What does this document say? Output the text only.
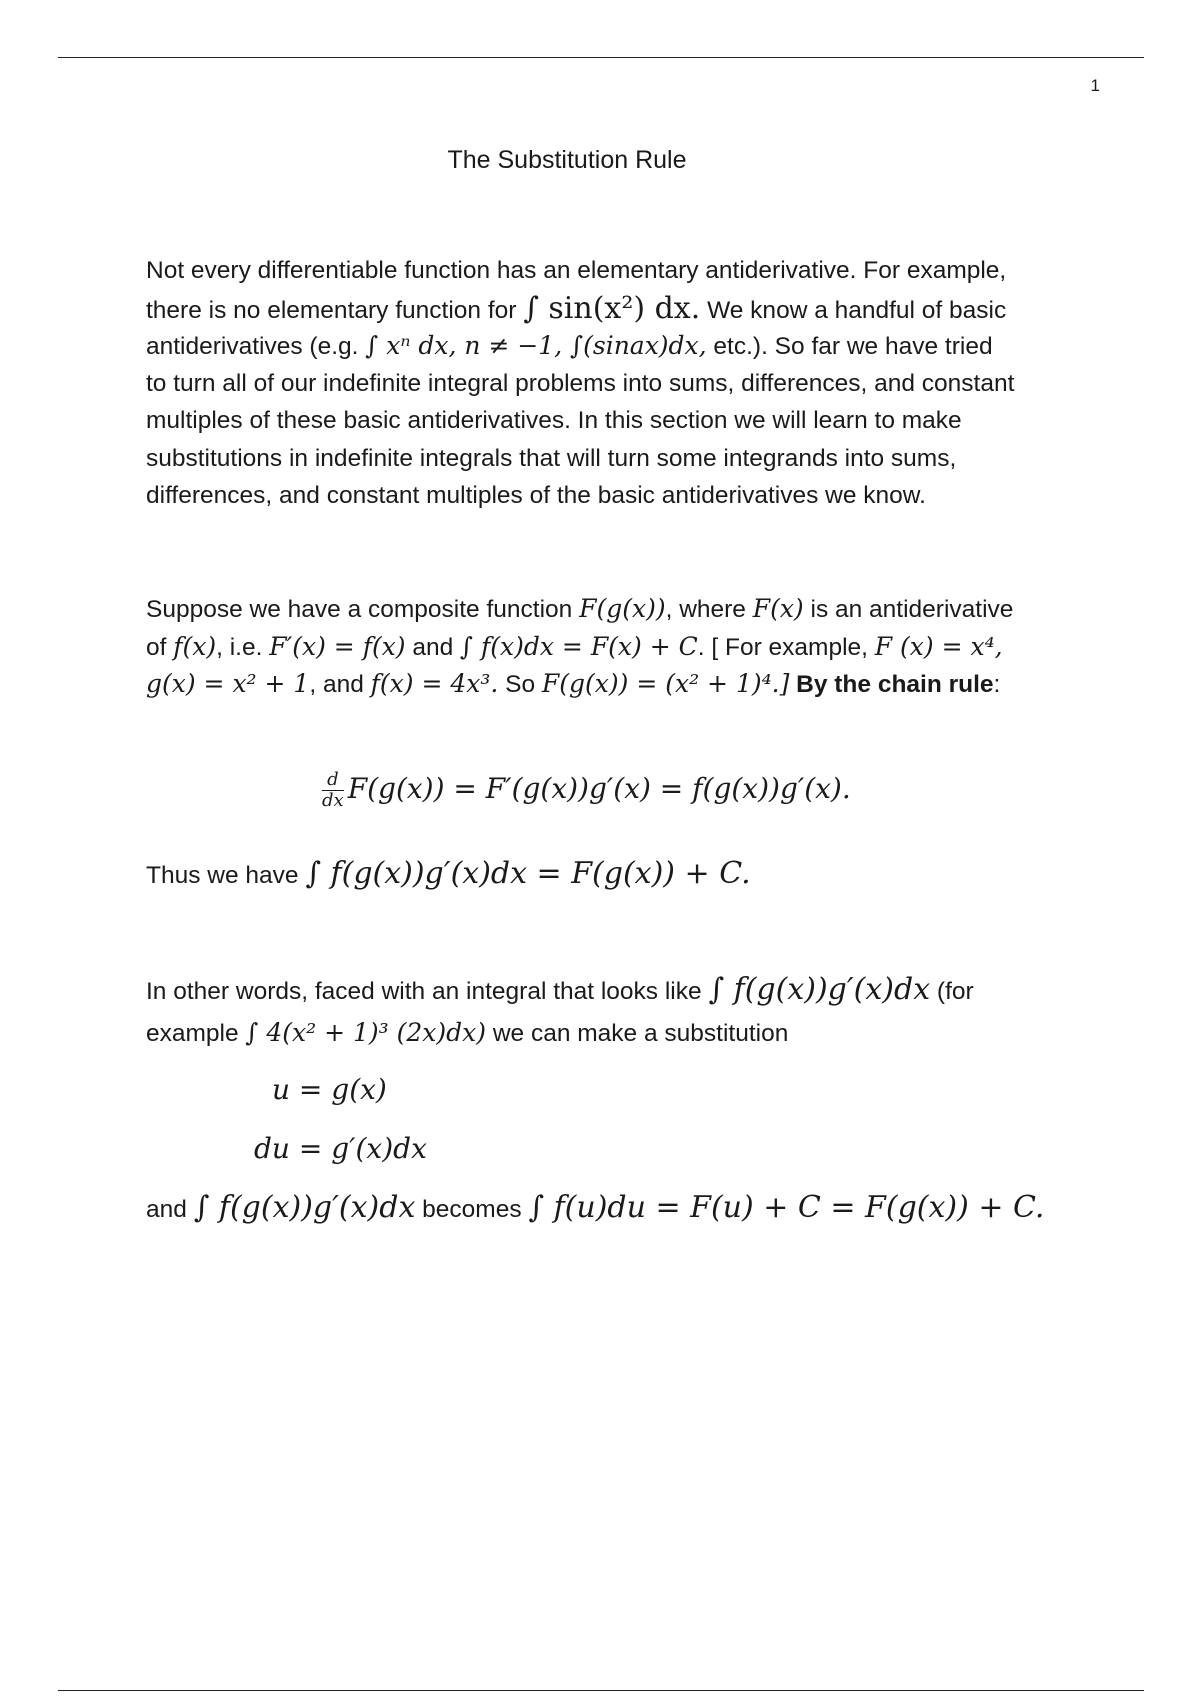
1
The Substitution Rule
Not every differentiable function has an elementary antiderivative. For example,
there is no elementary function for ∫ sin(x²) dx. We know a handful of basic
antiderivatives (e.g. ∫ xⁿ dx, n ≠ −1, ∫(sinax)dx, etc.). So far we have tried
to turn all of our indefinite integral problems into sums, differences, and constant
multiples of these basic antiderivatives. In this section we will learn to make
substitutions in indefinite integrals that will turn some integrands into sums,
differences, and constant multiples of the basic antiderivatives we know.
Suppose we have a composite function F(g(x)), where F(x) is an antiderivative
of f(x), i.e. F′(x) = f(x) and ∫ f(x)dx = F(x) + C. [ For example, F (x) = x⁴,
g(x) = x² + 1, and f(x) = 4x³. So F(g(x)) = (x² + 1)⁴.] By the chain rule:
$\frac{d}{dx} F(g(x)) = F'(g(x))g'(x) = f(g(x))g'(x)$.
Thus we have ∫ f(g(x))g′(x)dx = F(g(x)) + C.
In other words, faced with an integral that looks like ∫ f(g(x))g′(x)dx (for
example ∫ 4(x² + 1)³ (2x)dx) we can make a substitution
u = g(x)
du = g′(x)dx
and ∫ f(g(x))g′(x)dx becomes ∫ f(u)du = F(u) + C = F(g(x)) + C.
